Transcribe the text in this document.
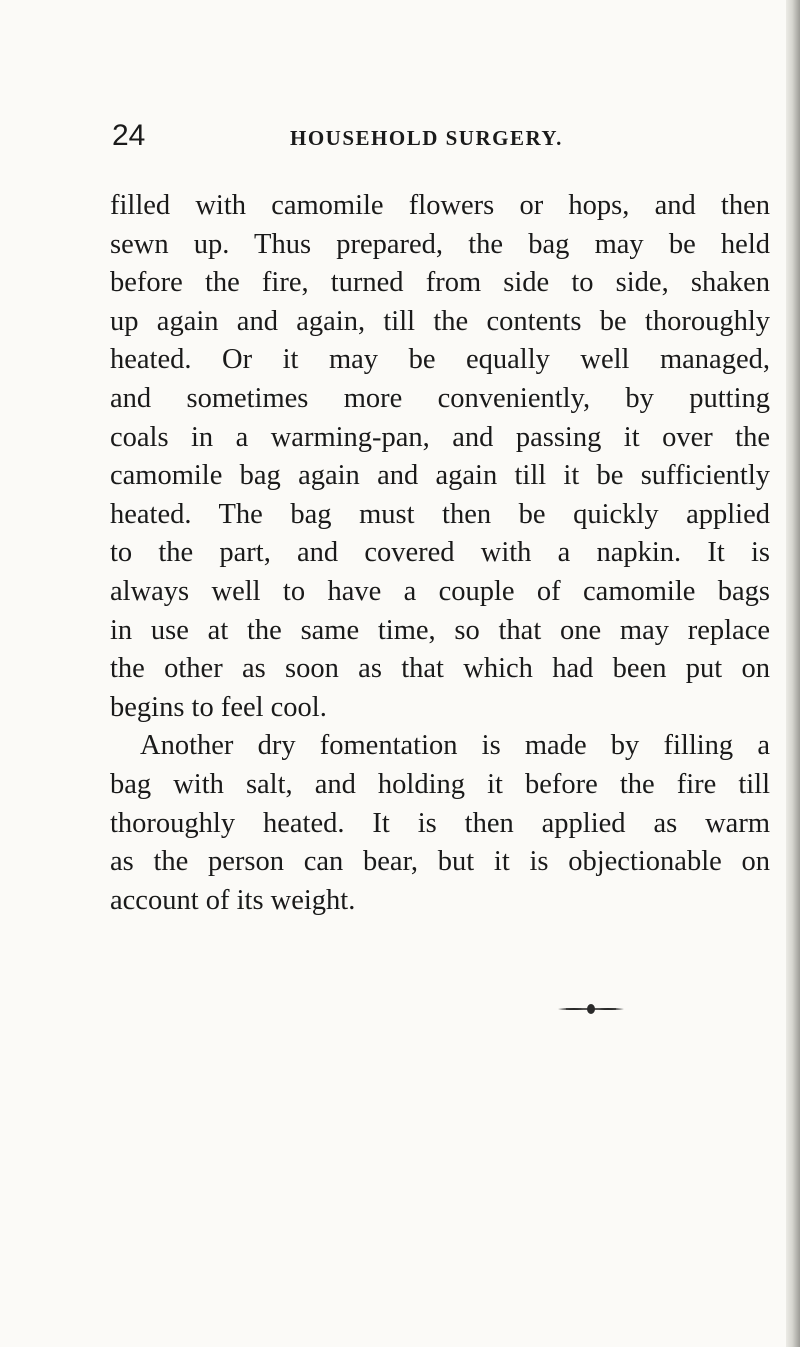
24	HOUSEHOLD SURGERY.
filled with camomile flowers or hops, and then
sewn up. Thus prepared, the bag may be held
before the fire, turned from side to side, shaken
up again and again, till the contents be thoroughly
heated. Or it may be equally well managed,
and sometimes more conveniently, by putting
coals in a warming-pan, and passing it over the
camomile bag again and again till it be sufficiently
heated. The bag must then be quickly applied
to the part, and covered with a napkin. It is
always well to have a couple of camomile bags
in use at the same time, so that one may replace
the other as soon as that which had been put on
begins to feel cool.
Another dry fomentation is made by filling a
bag with salt, and holding it before the fire till
thoroughly heated. It is then applied as warm
as the person can bear, but it is objectionable on
account of its weight.
